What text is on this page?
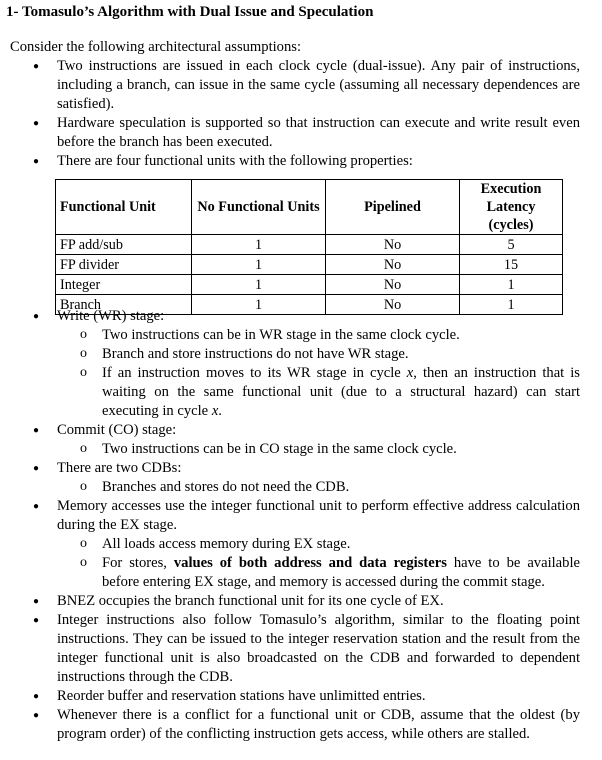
1- Tomasulo’s Algorithm with Dual Issue and Speculation

Consider the following architectural assumptions:

● Two instructions are issued in each clock cycle (dual-issue). Any pair of instructions, including a branch, can issue in the same cycle (assuming all necessary dependences are satisfied).
● Hardware speculation is supported so that instruction can execute and write result even before the branch has been executed.
● There are four functional units with the following properties:
Functional Unit	No Functional Units	Pipelined	Execution Latency (cycles)
FP add/sub	1	No	5
FP divider	1	No	15
Integer	1	No	1
Branch	1	No	1
● Write (WR) stage:
o Two instructions can be in WR stage in the same clock cycle.
o Branch and store instructions do not have WR stage.
o If an instruction moves to its WR stage in cycle x, then an instruction that is waiting on the same functional unit (due to a structural hazard) can start executing in cycle x.
● Commit (CO) stage:
o Two instructions can be in CO stage in the same clock cycle.
● There are two CDBs:
o Branches and stores do not need the CDB.
● Memory accesses use the integer functional unit to perform effective address calculation during the EX stage.
o All loads access memory during EX stage.
o For stores, values of both address and data registers have to be available before entering EX stage, and memory is accessed during the commit stage.
● BNEZ occupies the branch functional unit for its one cycle of EX.
● Integer instructions also follow Tomasulo’s algorithm, similar to the floating point instructions. They can be issued to the integer reservation station and the result from the integer functional unit is also broadcasted on the CDB and forwarded to dependent instructions through the CDB.
● Reorder buffer and reservation stations have unlimitted entries.
● Whenever there is a conflict for a functional unit or CDB, assume that the oldest (by program order) of the conflicting instruction gets access, while others are stalled.
